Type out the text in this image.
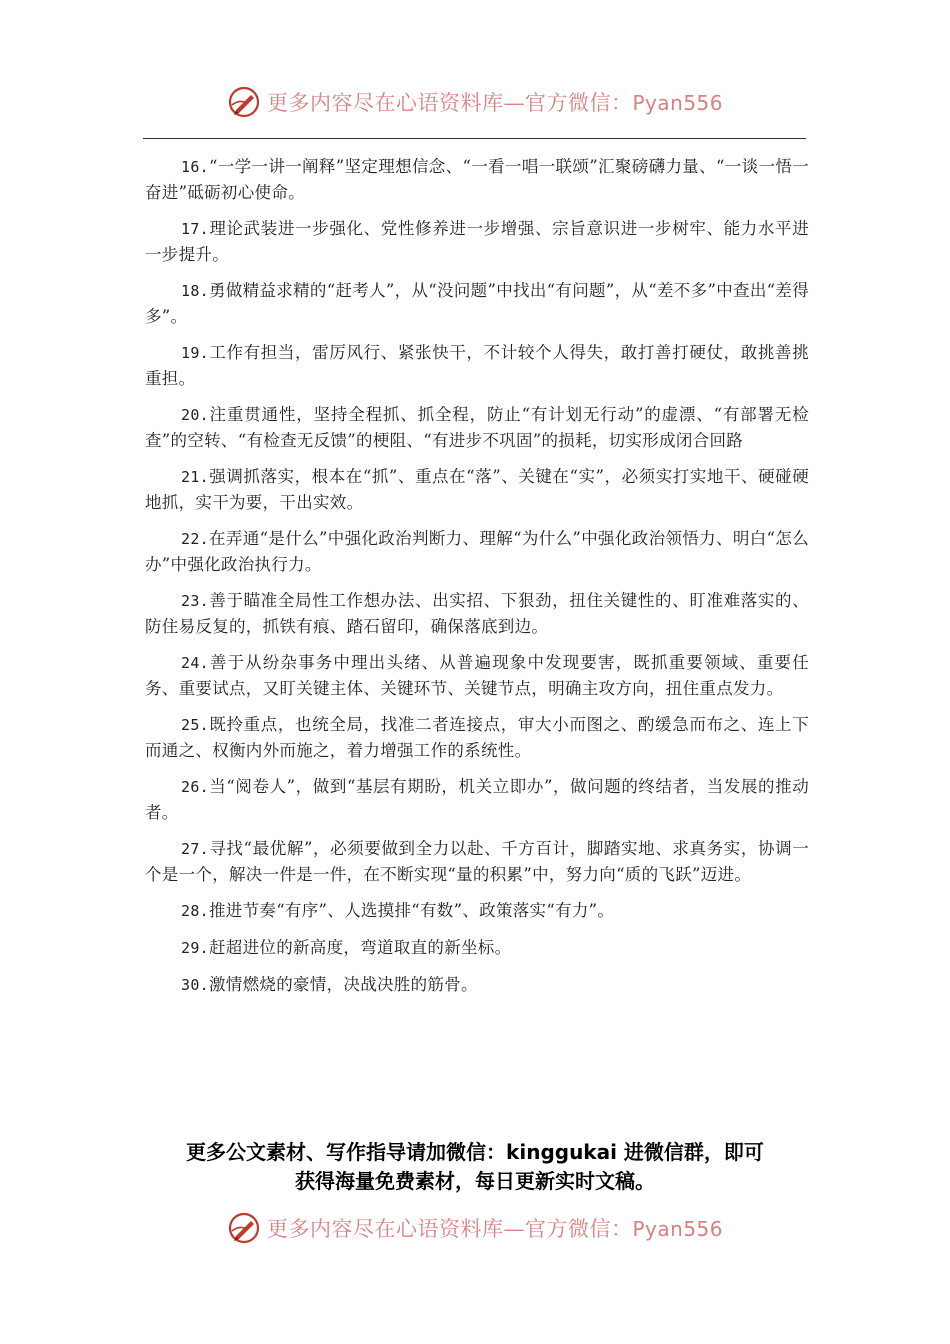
更多内容尽在心语资料库—官方微信：Pyan556

16.“一学一讲一阐释”坚定理想信念、“一看一唱一联颂”汇聚磅礴力量、“一谈一悟一奋进”砥砺初心使命。

17.理论武装进一步强化、党性修养进一步增强、宗旨意识进一步树牢、能力水平进一步提升。

18.勇做精益求精的“赶考人”，从“没问题”中找出“有问题”，从“差不多”中查出“差得多”。

19.工作有担当，雷厉风行、紧张快干，不计较个人得失，敢打善打硬仗，敢挑善挑重担。

20.注重贯通性，坚持全程抓、抓全程，防止“有计划无行动”的虚漂、“有部署无检查”的空转、“有检查无反馈”的梗阻、“有进步不巩固”的损耗，切实形成闭合回路

21.强调抓落实，根本在“抓”、重点在“落”、关键在“实”，必须实打实地干、硬碰硬地抓，实干为要，干出实效。

22.在弄通“是什么”中强化政治判断力、理解“为什么”中强化政治领悟力、明白“怎么办”中强化政治执行力。

23.善于瞄准全局性工作想办法、出实招、下狠劲，扭住关键性的、盯准难落实的、防住易反复的，抓铁有痕、踏石留印，确保落底到边。

24.善于从纷杂事务中理出头绪、从普遍现象中发现要害，既抓重要领域、重要任务、重要试点，又盯关键主体、关键环节、关键节点，明确主攻方向，扭住重点发力。

25.既拎重点，也统全局，找准二者连接点，审大小而图之、酌缓急而布之、连上下而通之、权衡内外而施之，着力增强工作的系统性。

26.当“阅卷人”，做到“基层有期盼，机关立即办”，做问题的终结者，当发展的推动者。

27.寻找“最优解”，必须要做到全力以赴、千方百计，脚踏实地、求真务实，协调一个是一个，解决一件是一件，在不断实现“量的积累”中，努力向“质的飞跃”迈进。

28.推进节奏“有序”、人选摸排“有数”、政策落实“有力”。

29.赶超进位的新高度，弯道取直的新坐标。

30.激情燃烧的豪情，决战决胜的筋骨。

更多公文素材、写作指导请加微信：kinggukai 进微信群，即可
获得海量免费素材，每日更新实时文稿。
更多内容尽在心语资料库—官方微信：Pyan556
